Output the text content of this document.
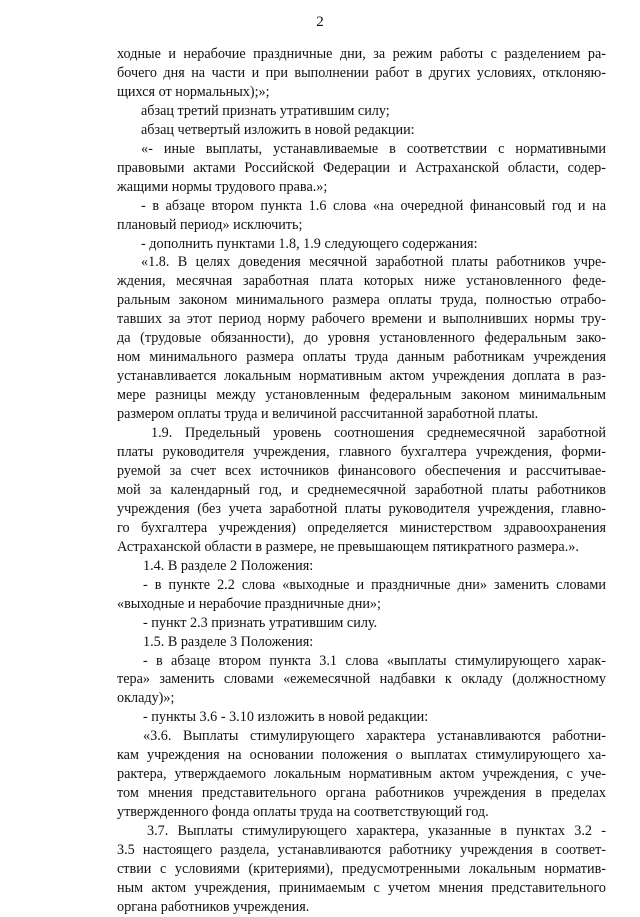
2
ходные и нерабочие праздничные дни, за режим работы с разделением ра-
бочего дня на части и при выполнении работ в других условиях, отклоняю-
щихся от нормальных);»;
абзац третий признать утратившим силу;
абзац четвертый изложить в новой редакции:
«- иные выплаты, устанавливаемые в соответствии с нормативными
правовыми актами Российской Федерации и Астраханской области, содер-
жащими нормы трудового права.»;
- в абзаце втором пункта 1.6 слова «на очередной финансовый год и на
плановый период» исключить;
- дополнить пунктами 1.8, 1.9 следующего содержания:
«1.8. В целях доведения месячной заработной платы работников учре-
ждения, месячная заработная плата которых ниже установленного феде-
ральным законом минимального размера оплаты труда, полностью отрабо-
тавших за этот период норму рабочего времени и выполнивших нормы тру-
да (трудовые обязанности), до уровня установленного федеральным зако-
ном минимального размера оплаты труда данным работникам учреждения
устанавливается локальным нормативным актом учреждения доплата в раз-
мере разницы между установленным федеральным законом минимальным
размером оплаты труда и величиной рассчитанной заработной платы.
1.9. Предельный уровень соотношения среднемесячной заработной
платы руководителя учреждения, главного бухгалтера учреждения, форми-
руемой за счет всех источников финансового обеспечения и рассчитывае-
мой за календарный год, и среднемесячной заработной платы работников
учреждения (без учета заработной платы руководителя учреждения, главно-
го бухгалтера учреждения) определяется министерством здравоохранения
Астраханской области в размере, не превышающем пятикратного размера.».
1.4. В разделе 2 Положения:
- в пункте 2.2 слова «выходные и праздничные дни» заменить словами
«выходные и нерабочие праздничные дни»;
- пункт 2.3 признать утратившим силу.
1.5. В разделе 3 Положения:
- в абзаце втором пункта 3.1 слова «выплаты стимулирующего харак-
тера» заменить словами «ежемесячной надбавки к окладу (должностному
окладу)»;
- пункты 3.6 - 3.10 изложить в новой редакции:
«3.6. Выплаты стимулирующего характера устанавливаются работни-
кам учреждения на основании положения о выплатах стимулирующего ха-
рактера, утверждаемого локальным нормативным актом учреждения, с уче-
том мнения представительного органа работников учреждения в пределах
утвержденного фонда оплаты труда на соответствующий год.
3.7. Выплаты стимулирующего характера, указанные в пунктах 3.2 -
3.5 настоящего раздела, устанавливаются работнику учреждения в соответ-
ствии с условиями (критериями), предусмотренными локальным норматив-
ным актом учреждения, принимаемым с учетом мнения представительного
органа работников учреждения.
